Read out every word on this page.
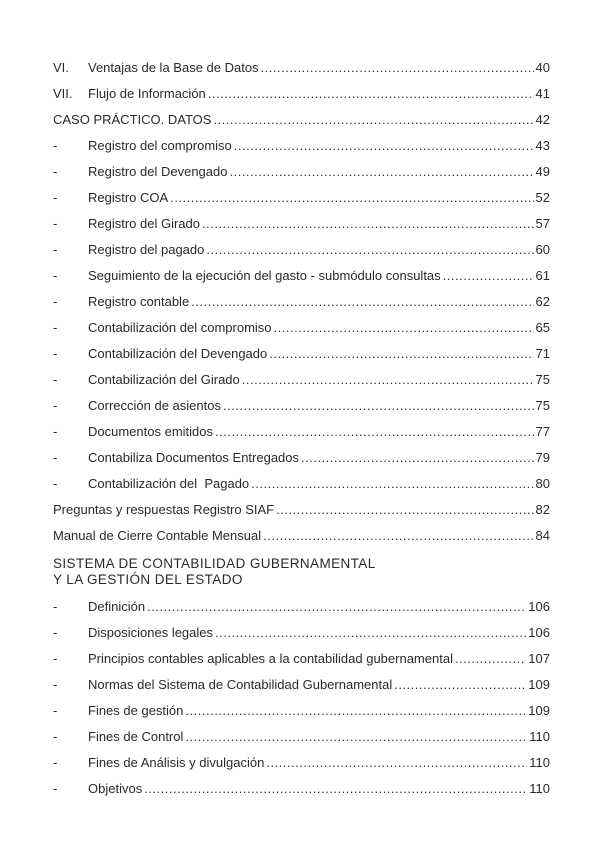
VI. Ventajas de la Base de Datos .....	40
VII. Flujo de Información .....	41
CASO PRÁCTICO. DATOS .....	42
- Registro del compromiso .....	43
- Registro del Devengado .....	49
- Registro COA .....	52
- Registro del Girado .....	57
- Registro del pagado .....	60
- Seguimiento de la ejecución del gasto - submódulo consultas .....	61
- Registro contable .....	62
- Contabilización del compromiso .....	65
- Contabilización del Devengado .....	71
- Contabilización del Girado .....	75
- Corrección de asientos .....	75
- Documentos emitidos .....	77
- Contabiliza Documentos Entregados .....	79
- Contabilización del  Pagado .....	80
Preguntas y respuestas Registro SIAF .....	82
Manual de Cierre Contable Mensual .....	84
SISTEMA DE CONTABILIDAD GUBERNAMENTAL
Y LA GESTIÓN DEL ESTADO
- Definición .....	106
- Disposiciones legales .....	106
- Principios contables aplicables a la contabilidad gubernamental .....	107
- Normas del Sistema de Contabilidad Gubernamental .....	109
- Fines de gestión .....	109
- Fines de Control .....	110
- Fines de Análisis y divulgación .....	110
- Objetivos .....	110
